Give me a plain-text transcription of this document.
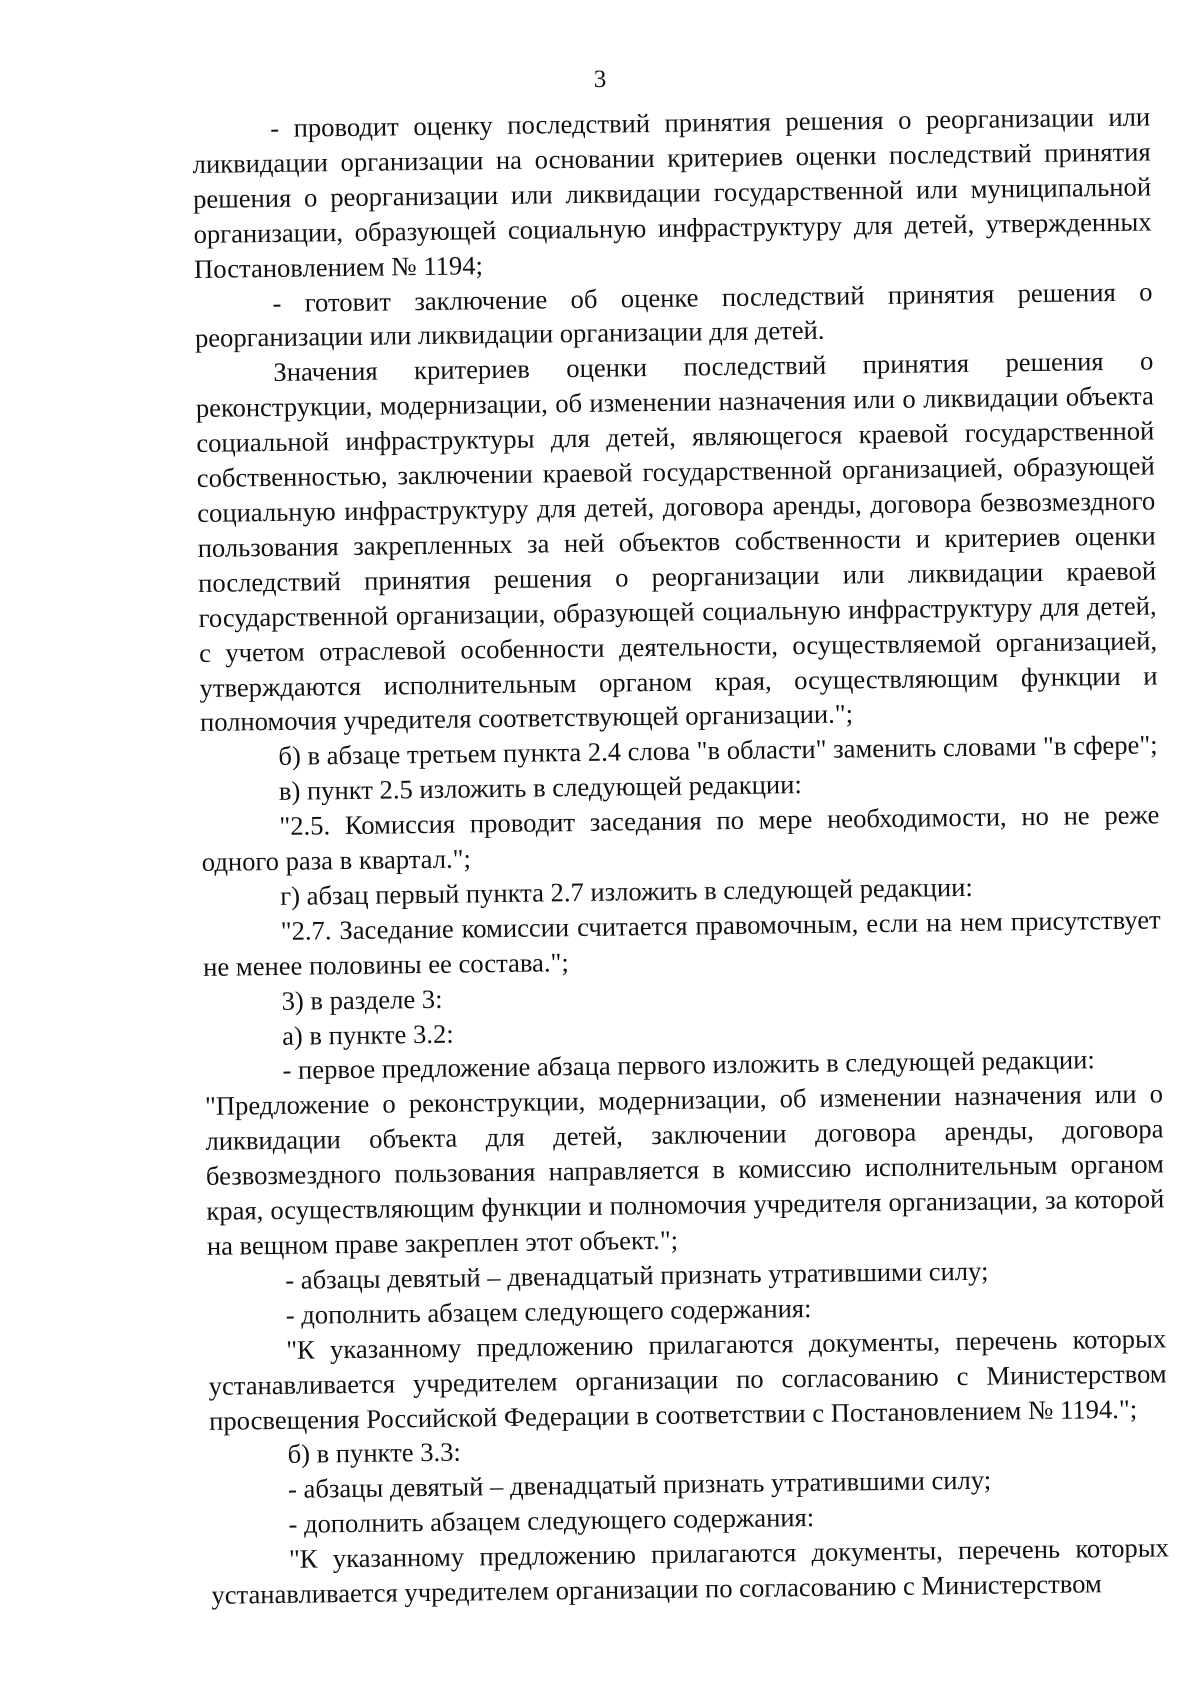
3

- проводит оценку последствий принятия решения о реорганизации или ликвидации организации на основании критериев оценки последствий принятия решения о реорганизации или ликвидации государственной или муниципальной организации, образующей социальную инфраструктуру для детей, утвержденных Постановлением № 1194;

- готовит заключение об оценке последствий принятия решения о реорганизации или ликвидации организации для детей.

Значения критериев оценки последствий принятия решения о реконструкции, модернизации, об изменении назначения или о ликвидации объекта социальной инфраструктуры для детей, являющегося краевой государственной собственностью, заключении краевой государственной организацией, образующей социальную инфраструктуру для детей, договора аренды, договора безвозмездного пользования закрепленных за ней объектов собственности и критериев оценки последствий принятия решения о реорганизации или ликвидации краевой государственной организации, образующей социальную инфраструктуру для детей, с учетом отраслевой особенности деятельности, осуществляемой организацией, утверждаются исполнительным органом края, осуществляющим функции и полномочия учредителя соответствующей организации.";

б) в абзаце третьем пункта 2.4 слова "в области" заменить словами "в сфере";

в) пункт 2.5 изложить в следующей редакции:

"2.5. Комиссия проводит заседания по мере необходимости, но не реже одного раза в квартал.";

г) абзац первый пункта 2.7 изложить в следующей редакции:

"2.7. Заседание комиссии считается правомочным, если на нем присутствует не менее половины ее состава.";

3) в разделе 3:

а) в пункте 3.2:

- первое предложение абзаца первого изложить в следующей редакции:

"Предложение о реконструкции, модернизации, об изменении назначения или о ликвидации объекта для детей, заключении договора аренды, договора безвозмездного пользования направляется в комиссию исполнительным органом края, осуществляющим функции и полномочия учредителя организации, за которой на вещном праве закреплен этот объект.";

- абзацы девятый – двенадцатый признать утратившими силу;

- дополнить абзацем следующего содержания:

"К указанному предложению прилагаются документы, перечень которых устанавливается учредителем организации по согласованию с Министерством просвещения Российской Федерации в соответствии с Постановлением № 1194.";

б) в пункте 3.3:

- абзацы девятый – двенадцатый признать утратившими силу;

- дополнить абзацем следующего содержания:

"К указанному предложению прилагаются документы, перечень которых устанавливается учредителем организации по согласованию с Министерством
